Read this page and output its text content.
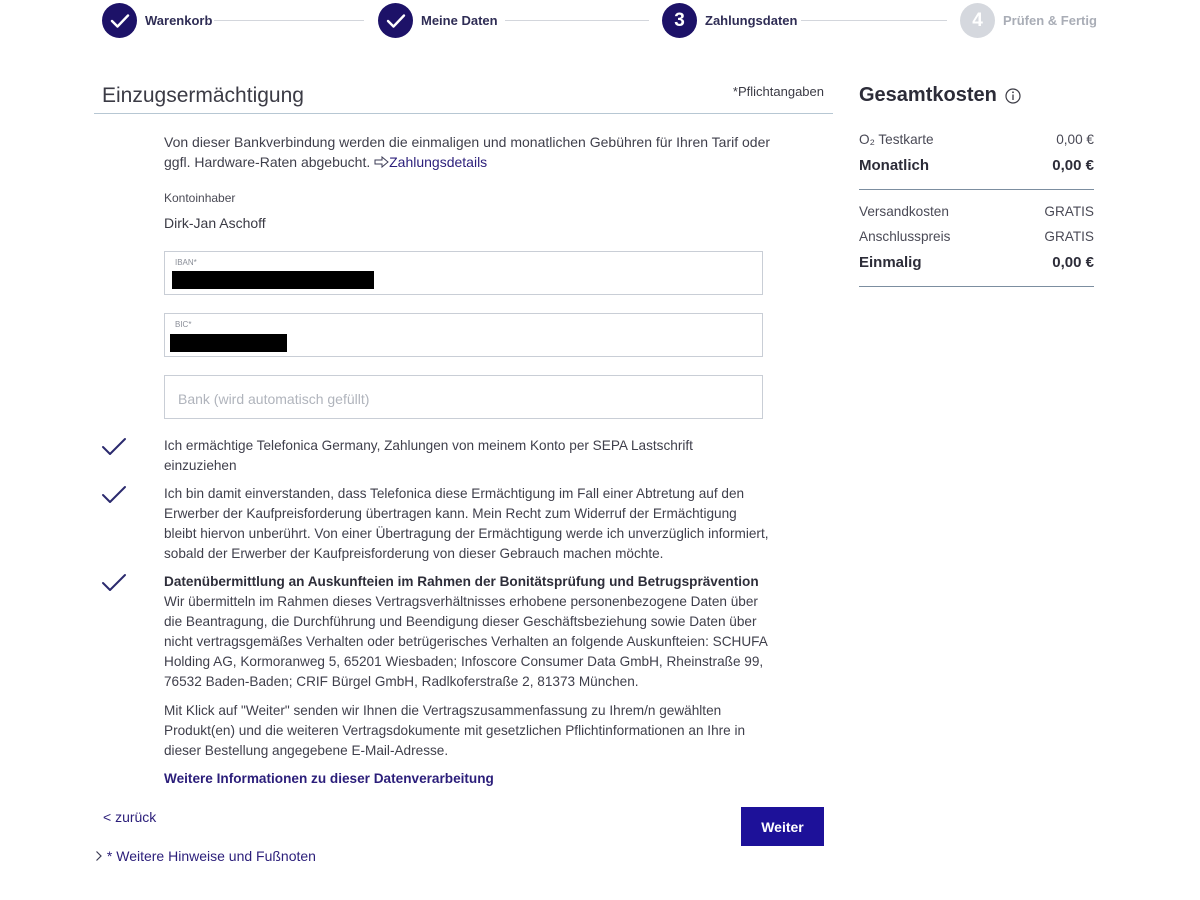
Warenkorb	Meine Daten	3 Zahlungsdaten	4 Prüfen & Fertig
Einzugsermächtigung	*Pflichtangaben

Von dieser Bankverbindung werden die einmaligen und monatlichen Gebühren für Ihren Tarif oder ggfl. Hardware-Raten abgebucht. Zahlungsdetails

Kontoinhaber
Dirk-Jan Aschoff
IBAN*
BIC*
Bank (wird automatisch gefüllt)

Ich ermächtige Telefonica Germany, Zahlungen von meinem Konto per SEPA Lastschrift einzuziehen

Ich bin damit einverstanden, dass Telefonica diese Ermächtigung im Fall einer Abtretung auf den Erwerber der Kaufpreisforderung übertragen kann. Mein Recht zum Widerruf der Ermächtigung bleibt hiervon unberührt. Von einer Übertragung der Ermächtigung werde ich unverzüglich informiert, sobald der Erwerber der Kaufpreisforderung von dieser Gebrauch machen möchte.

Datenübermittlung an Auskunfteien im Rahmen der Bonitätsprüfung und Betrugsprävention
Wir übermitteln im Rahmen dieses Vertragsverhältnisses erhobene personenbezogene Daten über die Beantragung, die Durchführung und Beendigung dieser Geschäftsbeziehung sowie Daten über nicht vertragsgemäßes Verhalten oder betrügerisches Verhalten an folgende Auskunfteien: SCHUFA Holding AG, Kormoranweg 5, 65201 Wiesbaden; Infoscore Consumer Data GmbH, Rheinstraße 99, 76532 Baden-Baden; CRIF Bürgel GmbH, Radlkoferstraße 2, 81373 München.

Mit Klick auf "Weiter" senden wir Ihnen die Vertragszusammenfassung zu Ihrem/n gewählten Produkt(en) und die weiteren Vertragsdokumente mit gesetzlichen Pflichtinformationen an Ihre in dieser Bestellung angegebene E-Mail-Adresse.

Weitere Informationen zu dieser Datenverarbeitung
< zurück
Weiter
* Weitere Hinweise und Fußnoten
Gesamtkosten
O₂ Testkarte	0,00 €
Monatlich	0,00 €
Versandkosten	GRATIS
Anschlusspreis	GRATIS
Einmalig	0,00 €
